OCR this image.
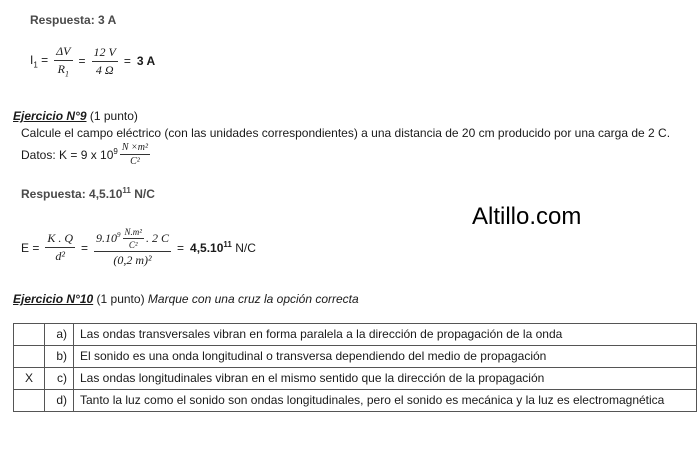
Respuesta: 3 A
$I_1 = \frac{\Delta V}{R_1} = \frac{12 V}{4 \Omega} = 3$ A
Ejercicio N°9 (1 punto)
Calcule el campo eléctrico (con las unidades correspondientes) a una distancia de 20 cm producido por una carga de 2 C.
Datos: K = 9 x $10^9 \frac{\text{N ×m²}}{\text{C²}}$
Respuesta: 4,5.10$^{11}$ N/C
$E = \frac{K . Q}{\text{d²}} = \frac{9.10^9 \frac{\text{N.m²}}{\text{C²}} . 2 C}{\text{(0,2 m)²}} = 4,5.10^{11}$ N/C
Altillo.com
Ejercicio N°10 (1 punto) Marque con una cruz la opción correcta
	a)	Las ondas transversales vibran en forma paralela a la dirección de propagación de la onda
	b)	El sonido es una onda longitudinal o transversa dependiendo del medio de propagación
X	c)	Las ondas longitudinales vibran en el mismo sentido que la dirección de la propagación
	d)	Tanto la luz como el sonido son ondas longitudinales, pero el sonido es mecánica y la luz es electromagnética
